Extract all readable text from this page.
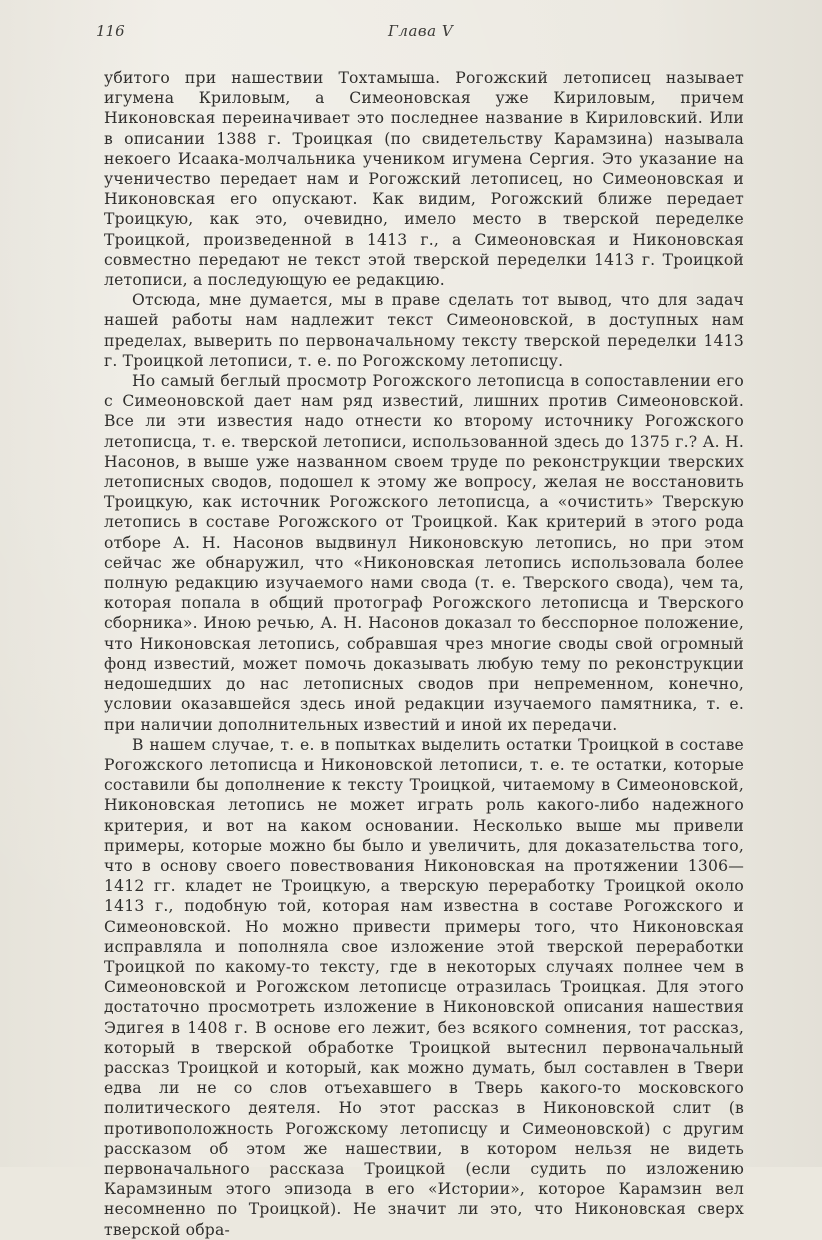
116	Глава V

убитого при нашествии Тохтамыша. Рогожский летописец называет игумена Криловым, а Симеоновская уже Кириловым, причем Никоновская переиначивает это последнее название в Кириловский. Или в описании 1388 г. Троицкая (по свидетельству Карамзина) называла некоего Исаака-молчальника учеником игумена Сергия. Это указание на ученичество передает нам и Рогожский летописец, но Симеоновская и Никоновская его опускают. Как видим, Рогожский ближе передает Троицкую, как это, очевидно, имело место в тверской переделке Троицкой, произведенной в 1413 г., а Симеоновская и Никоновская совместно передают не текст этой тверской переделки 1413 г. Троицкой летописи, а последующую ее редакцию.

Отсюда, мне думается, мы в праве сделать тот вывод, что для задач нашей работы нам надлежит текст Симеоновской, в доступных нам пределах, выверить по первоначальному тексту тверской переделки 1413 г. Троицкой летописи, т. е. по Рогожскому летописцу.

Но самый беглый просмотр Рогожского летописца в сопоставлении его с Симеоновской дает нам ряд известий, лишних против Симеоновской. Все ли эти известия надо отнести ко второму источнику Рогожского летописца, т. е. тверской летописи, использованной здесь до 1375 г.? А. Н. Насонов, в выше уже названном своем труде по реконструкции тверских летописных сводов, подошел к этому же вопросу, желая не восстановить Троицкую, как источник Рогожского летописца, а «очистить» Тверскую летопись в составе Рогожского от Троицкой. Как критерий в этого рода отборе А. Н. Насонов выдвинул Никоновскую летопись, но при этом сейчас же обнаружил, что «Никоновская летопись использовала более полную редакцию изучаемого нами свода (т. е. Тверского свода), чем та, которая попала в общий протограф Рогожского летописца и Тверского сборника». Иною речью, А. Н. Насонов доказал то бесспорное положение, что Никоновская летопись, собравшая чрез многие своды свой огромный фонд известий, может помочь доказывать любую тему по реконструкции недошедших до нас летописных сводов при непременном, конечно, условии оказавшейся здесь иной редакции изучаемого памятника, т. е. при наличии дополнительных известий и иной их передачи.

В нашем случае, т. е. в попытках выделить остатки Троицкой в составе Рогожского летописца и Никоновской летописи, т. е. те остатки, которые составили бы дополнение к тексту Троицкой, читаемому в Симеоновской, Никоновская летопись не может играть роль какого-либо надежного критерия, и вот на каком основании. Несколько выше мы привели примеры, которые можно бы было и увеличить, для доказательства того, что в основу своего повествования Никоновская на протяжении 1306—1412 гг. кладет не Троицкую, а тверскую переработку Троицкой около 1413 г., подобную той, которая нам известна в составе Рогожского и Симеоновской. Но можно привести примеры того, что Никоновская исправляла и пополняла свое изложение этой тверской переработки Троицкой по какому-то тексту, где в некоторых случаях полнее чем в Симеоновской и Рогожском летописце отразилась Троицкая. Для этого достаточно просмотреть изложение в Никоновской описания нашествия Эдигея в 1408 г. В основе его лежит, без всякого сомнения, тот рассказ, который в тверской обработке Троицкой вытеснил первоначальный рассказ Троицкой и который, как можно думать, был составлен в Твери едва ли не со слов отъехавшего в Тверь какого-то московского политического деятеля. Но этот рассказ в Никоновской слит (в противоположность Рогожскому летописцу и Симеоновской) с другим рассказом об этом же нашествии, в котором нельзя не видеть первоначального рассказа Троицкой (если судить по изложению Карамзиным этого эпизода в его «Истории», которое Карамзин вел несомненно по Троицкой). Не значит ли это, что Никоновская сверх тверской обра-
